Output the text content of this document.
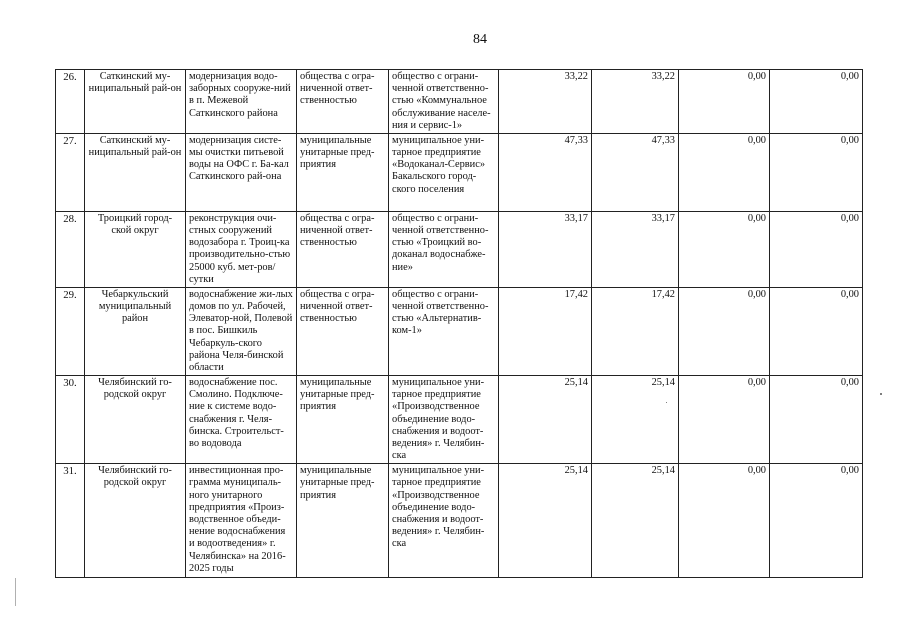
84
26.	Саткинский му-ниципальный рай-он	модернизация водо-заборных сооруже-ний в п. Межевой Саткинского района	общества с огра-ниченной ответ-ственностью	общество с ограни-ченной ответственно-стью «Коммунальное обслуживание населе-ния и сервис-1»	33,22	33,22	0,00	0,00

27.	Саткинский му-ниципальный рай-он	модернизация систе-мы очистки питьевой воды на ОФС г. Ба-кал Саткинского рай-она	муниципальные унитарные пред-приятия	муниципальное уни-тарное предприятие «Водоканал-Сервис» Бакальского город-ского поселения	47,33	47,33	0,00	0,00

28.	Троицкий город-ской округ	реконструкция очи-стных сооружений водозабора г. Троиц-ка производительно-стью 25000 куб. мет-ров/сутки	общества с огра-ниченной ответ-ственностью	общество с ограни-ченной ответственно-стью «Троицкий во-доканал водоснабже-ние»	33,17	33,17	0,00	0,00

29.	Чебаркульский муниципальный район	водоснабжение жи-лых домов по ул. Рабочей, Элеватор-ной, Полевой в пос. Бишкиль Чебаркуль-ского района Челя-бинской области	общества с огра-ниченной ответ-ственностью	общество с ограни-ченной ответственно-стью «Альтернатив-ком-1»	17,42	17,42	0,00	0,00

30.	Челябинский го-родской округ	водоснабжение пос. Смолино. Подключе-ние к системе водо-снабжения г. Челя-бинска. Строительст-во водовода	муниципальные унитарные пред-приятия	муниципальное уни-тарное предприятие «Производственное объединение водо-снабжения и водоот-ведения» г. Челябин-ска	25,14	25,14	0,00	0,00

31.	Челябинский го-родской округ	инвестиционная про-грамма муниципаль-ного унитарного предприятия «Произ-водственное объеди-нение водоснабжения и водоотведения» г. Челябинска» на 2016-2025 годы	муниципальные унитарные пред-приятия	муниципальное уни-тарное предприятие «Производственное объединение водо-снабжения и водоот-ведения» г. Челябин-ска	25,14	25,14	0,00	0,00
